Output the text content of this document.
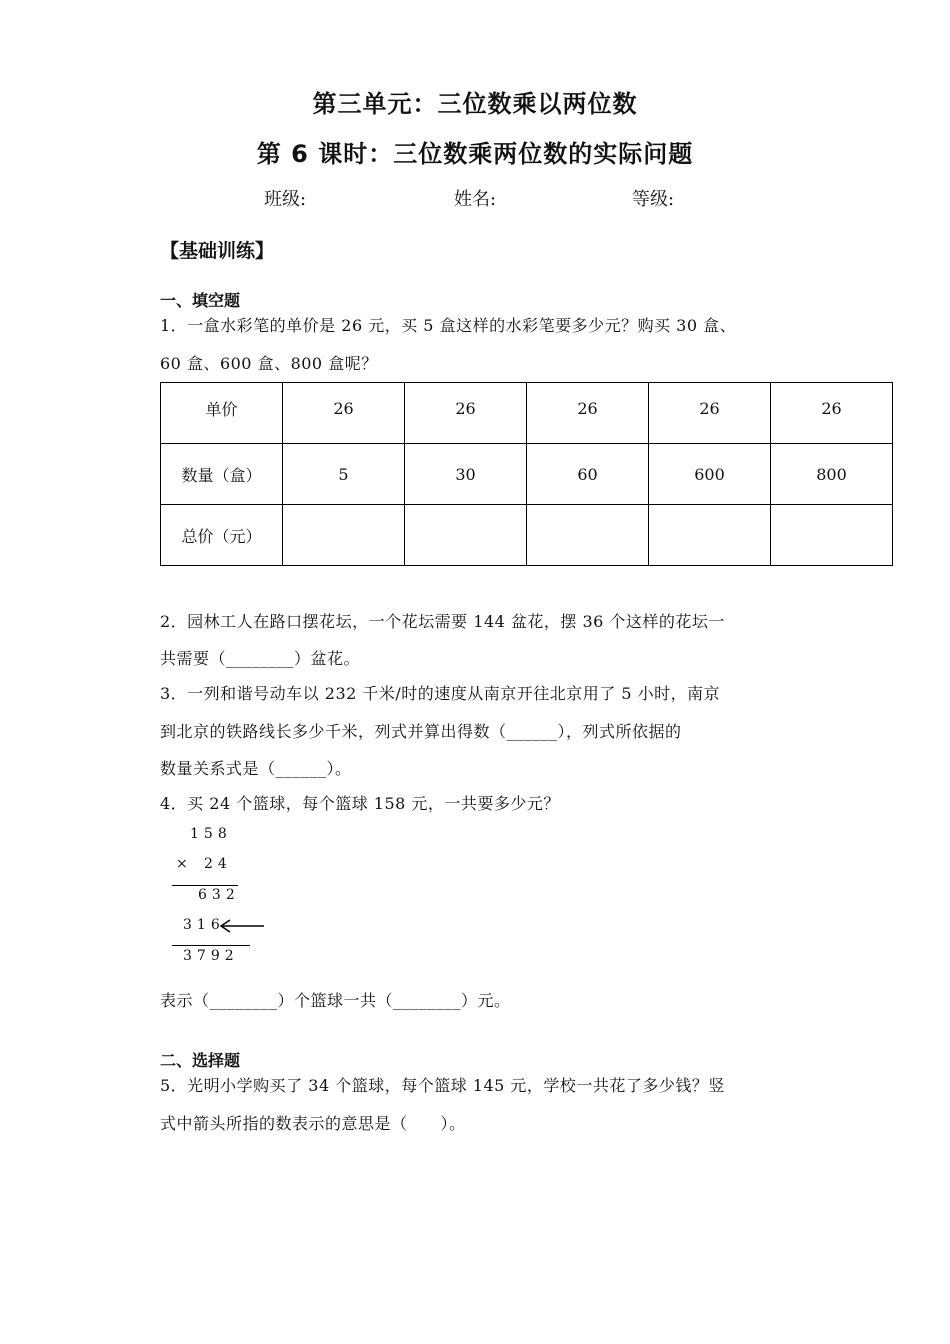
第三单元：三位数乘以两位数
第 6 课时：三位数乘两位数的实际问题
班级:	姓名:	等级:
【基础训练】
一、填空题
1．一盒水彩笔的单价是 26 元，买 5 盒这样的水彩笔要多少元？购买 30 盒、
60 盒、600 盒、800 盒呢？
单价	26	26	26	26	26
数量（盒）	5	30	60	600	800
总价（元）					
2．园林工人在路口摆花坛，一个花坛需要 144 盆花，摆 36 个这样的花坛一
共需要（________）盆花。
3．一列和谐号动车以 232 千米/时的速度从南京开往北京用了 5 小时，南京
到北京的铁路线长多少千米，列式并算出得数（______），列式所依据的
数量关系式是（______）。
4．买 24 个篮球，每个篮球 158 元，一共要多少元？
158
× 24
632
316
3792
表示（________）个篮球一共（________）元。
二、选择题
5．光明小学购买了 34 个篮球，每个篮球 145 元，学校一共花了多少钱？竖
式中箭头所指的数表示的意思是（　　）。
